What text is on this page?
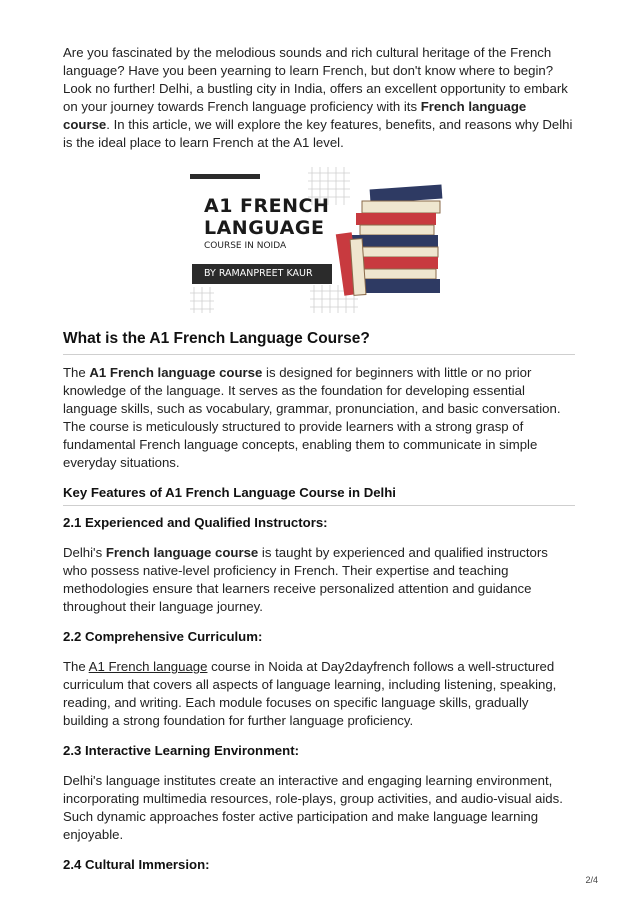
Are you fascinated by the melodious sounds and rich cultural heritage of the French language? Have you been yearning to learn French, but don't know where to begin? Look no further! Delhi, a bustling city in India, offers an excellent opportunity to embark on your journey towards French language proficiency with its French language course. In this article, we will explore the key features, benefits, and reasons why Delhi is the ideal place to learn French at the A1 level.

A1 FRENCH
LANGUAGE
COURSE IN NOIDA
BY RAMANPREET KAUR
What is the A1 French Language Course?

The A1 French language course is designed for beginners with little or no prior knowledge of the language. It serves as the foundation for developing essential language skills, such as vocabulary, grammar, pronunciation, and basic conversation. The course is meticulously structured to provide learners with a strong grasp of fundamental French language concepts, enabling them to communicate in simple everyday situations.

Key Features of A1 French Language Course in Delhi
2.1 Experienced and Qualified Instructors:

Delhi's French language course is taught by experienced and qualified instructors who possess native-level proficiency in French. Their expertise and teaching methodologies ensure that learners receive personalized attention and guidance throughout their language journey.

2.2 Comprehensive Curriculum:

The A1 French language course in Noida at Day2dayfrench follows a well-structured curriculum that covers all aspects of language learning, including listening, speaking, reading, and writing. Each module focuses on specific language skills, gradually building a strong foundation for further language proficiency.

2.3 Interactive Learning Environment:

Delhi's language institutes create an interactive and engaging learning environment, incorporating multimedia resources, role-plays, group activities, and audio-visual aids. Such dynamic approaches foster active participation and make language learning enjoyable.

2.4 Cultural Immersion:
2/4
